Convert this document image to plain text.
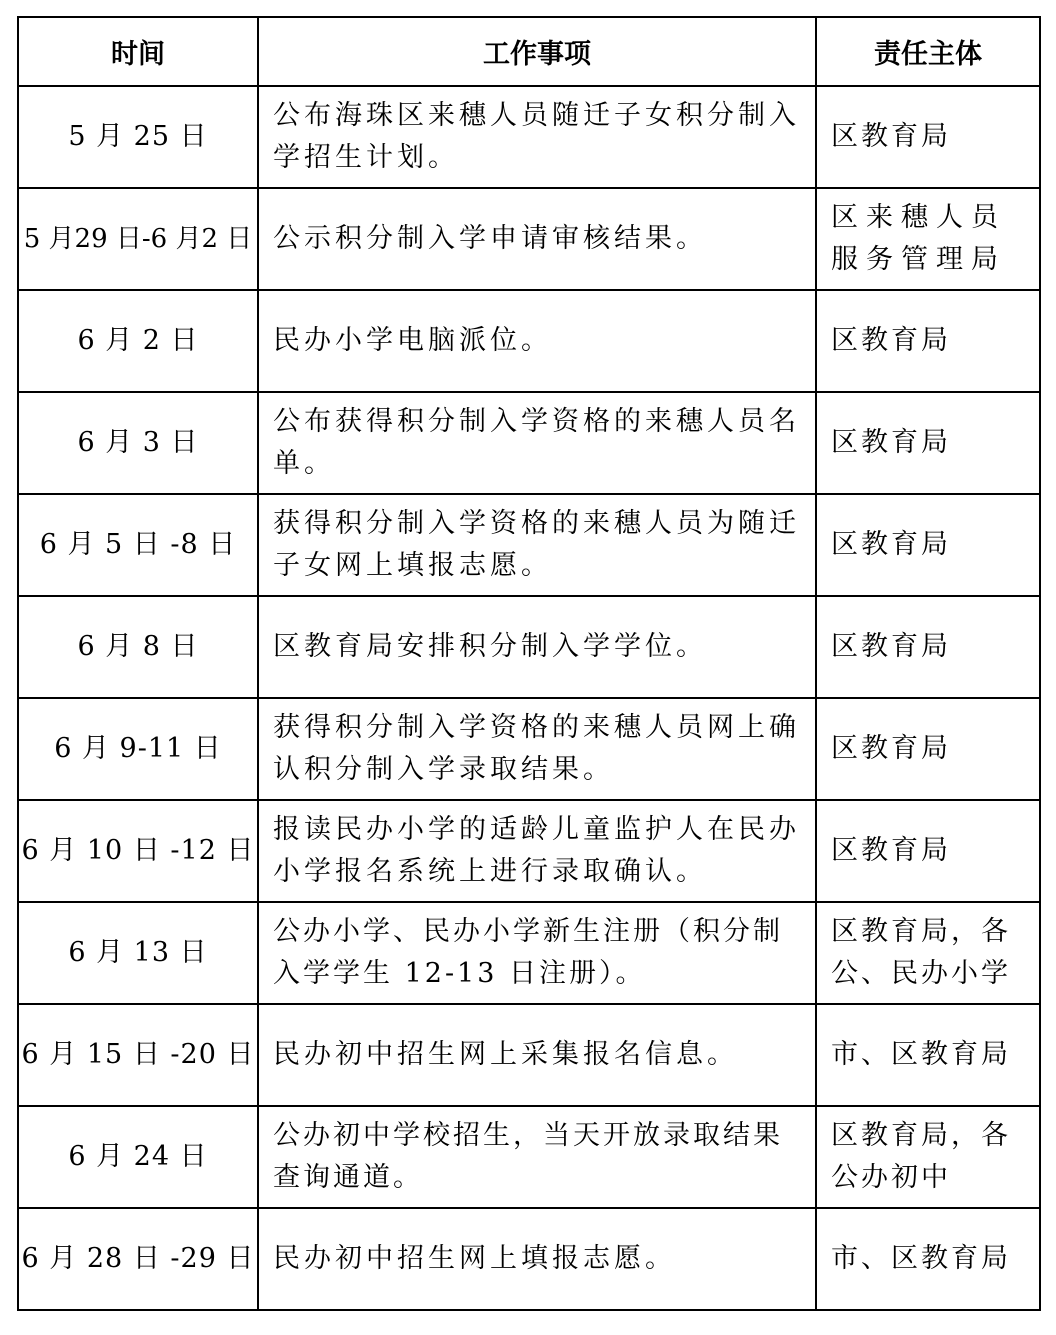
时间	工作事项	责任主体
5 月 25 日	公布海珠区来穗人员随迁子女积分制入学招生计划。	区教育局
5 月29 日-6 月2 日	公示积分制入学申请审核结果。	区来穗人员服务管理局
6 月 2 日	民办小学电脑派位。	区教育局
6 月 3 日	公布获得积分制入学资格的来穗人员名单。	区教育局
6 月 5 日 -8 日	获得积分制入学资格的来穗人员为随迁子女网上填报志愿。	区教育局
6 月 8 日	区教育局安排积分制入学学位。	区教育局
6 月 9-11 日	获得积分制入学资格的来穗人员网上确认积分制入学录取结果。	区教育局
6 月 10 日 -12 日	报读民办小学的适龄儿童监护人在民办小学报名系统上进行录取确认。	区教育局
6 月 13 日	公办小学、民办小学新生注册（积分制入学学生 12-13 日注册）。	区教育局，各公、民办小学
6 月 15 日 -20 日	民办初中招生网上采集报名信息。	市、区教育局
6 月 24 日	公办初中学校招生，当天开放录取结果查询通道。	区教育局，各公办初中
6 月 28 日 -29 日	民办初中招生网上填报志愿。	市、区教育局
